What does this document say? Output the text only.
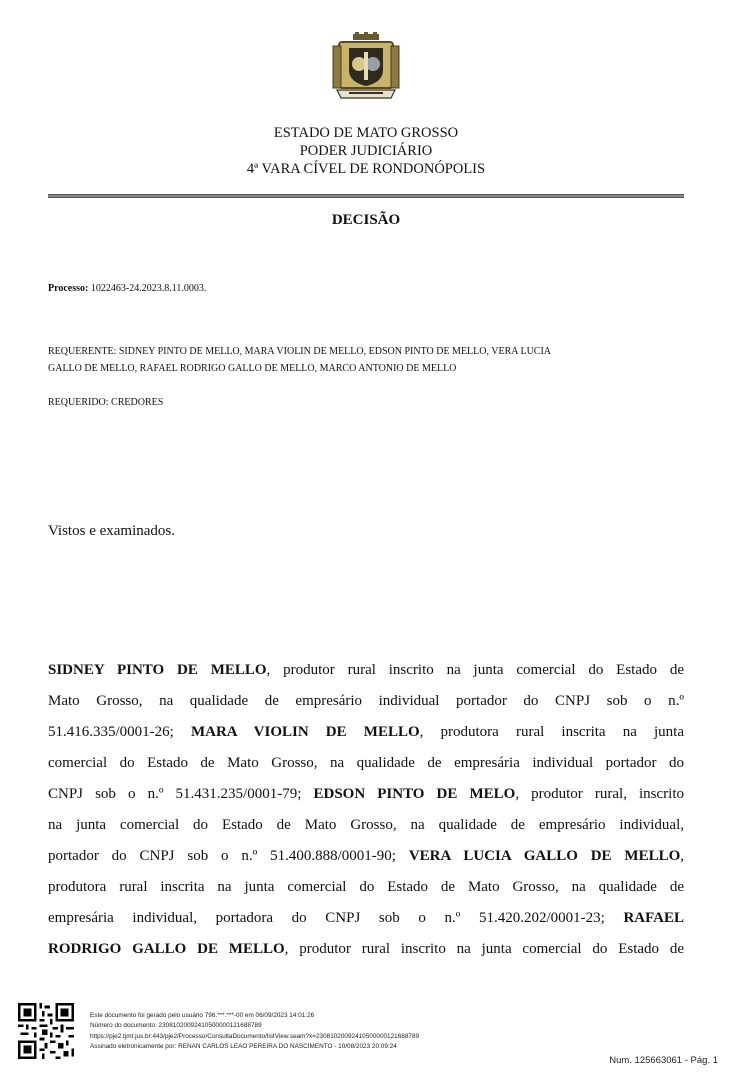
ESTADO DE MATO GROSSO
PODER JUDICIÁRIO
4ª VARA CÍVEL DE RONDONÓPOLIS
DECISÃO
Processo: 1022463-24.2023.8.11.0003.
REQUERENTE: SIDNEY PINTO DE MELLO, MARA VIOLIN DE MELLO, EDSON PINTO DE MELLO, VERA LUCIA
GALLO DE MELLO, RAFAEL RODRIGO GALLO DE MELLO, MARCO ANTONIO DE MELLO
REQUERIDO: CREDORES
Vistos e examinados.
SIDNEY PINTO DE MELLO, produtor rural inscrito na junta comercial do Estado de
Mato Grosso, na qualidade de empresário individual portador do CNPJ sob o n.º
51.416.335/0001-26; MARA VIOLIN DE MELLO, produtora rural inscrita na junta
comercial do Estado de Mato Grosso, na qualidade de empresária individual portador do
CNPJ sob o n.º 51.431.235/0001-79; EDSON PINTO DE MELO, produtor rural, inscrito
na junta comercial do Estado de Mato Grosso, na qualidade de empresário individual,
portador do CNPJ sob o n.º 51.400.888/0001-90; VERA LUCIA GALLO DE MELLO,
produtora rural inscrita na junta comercial do Estado de Mato Grosso, na qualidade de
empresária individual, portadora do CNPJ sob o n.º 51.420.202/0001-23; RAFAEL
RODRIGO GALLO DE MELLO, produtor rural inscrito na junta comercial do Estado de
Este documento foi gerado pelo usuário 796.***.***-00 em 06/09/2023 14:01:26
Número do documento: 23081020092410500000121688789
https://pje2.tjmt.jus.br:443/pje2/Processo/ConsultaDocumento/listView.seam?x=23081020092410500000121688789
Assinado eletronicamente por: RENAN CARLOS LEAO PEREIRA DO NASCIMENTO - 10/08/2023 20:09:24
Num. 125663061 - Pág. 1
